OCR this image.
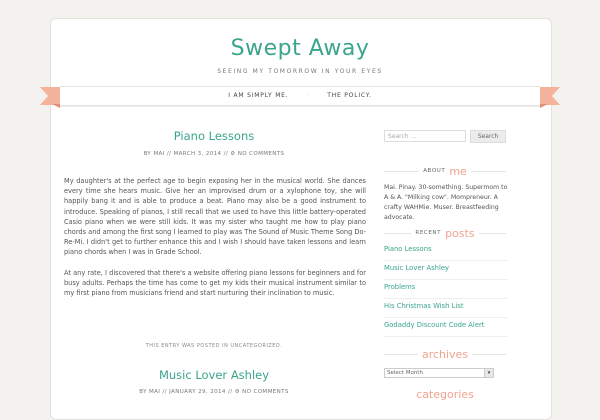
Swept Away
SEEING MY TOMORROW IN YOUR EYES
I AM SIMPLY ME.	·	THE POLICY.
Piano Lessons
BY MAI // MARCH 3, 2014 // ⚙ NO COMMENTS

My daughter's at the perfect age to begin exposing her in the musical world. She dances every time she hears music. Give her an improvised drum or a xylophone toy, she will happily bang it and is able to produce a beat. Piano may also be a good instrument to introduce. Speaking of pianos, I still recall that we used to have this little battery-operated Casio piano when we were still kids. It was my sister who taught me how to play piano chords and among the first song I learned to play was The Sound of Music Theme Song Do-Re-Mi. I didn't get to further enhance this and I wish I should have taken lessons and learn piano chords when I was in Grade School.

At any rate, I discovered that there's a website offering piano lessons for beginners and for busy adults. Perhaps the time has come to get my kids their musical instrument similar to my first piano from musicians friend and start nurturing their inclination to music.

THIS ENTRY WAS POSTED IN UNCATEGORIZED.
Music Lover Ashley
BY MAI // JANUARY 29, 2014 // ⚙ NO COMMENTS
Search ...	Search
ABOUT me
Mai. Pinay. 30-something. Supermom to A & A. "Milking cow". Mompreneur. A crafty WAHMie. Muser. Breastfeeding advocate.
RECENT posts
Piano Lessons
Music Lover Ashley
Problems
His Christmas Wish List
Godaddy Discount Code Alert
archives
Select Month	▾
categories
